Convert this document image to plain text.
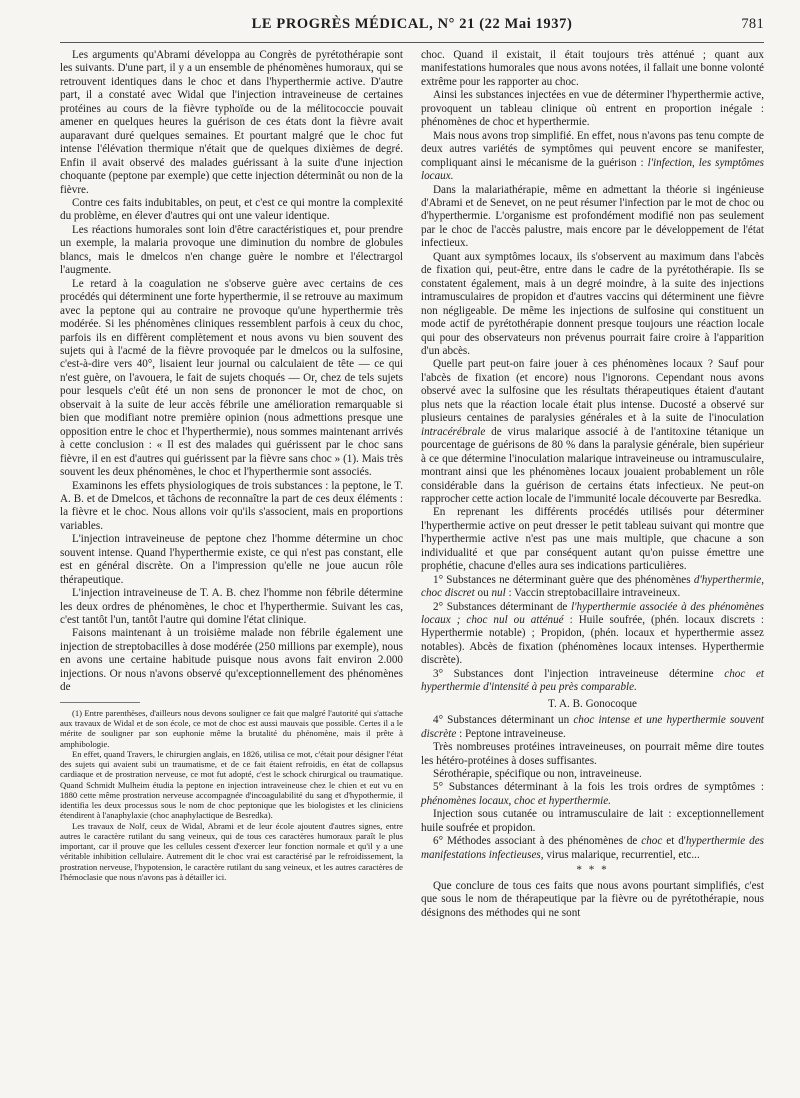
LE PROGRÈS MÉDICAL, N° 21 (22 Mai 1937)	781

Les arguments qu'Abrami développa au Congrès de pyrétothérapie sont les suivants. D'une part, il y a un ensemble de phénomènes humoraux, qui se retrouvent identiques dans le choc et dans l'hyperthermie active. D'autre part, il a constaté avec Widal que l'injection intraveineuse de certaines protéines au cours de la fièvre typhoïde ou de la mélitococcie pouvait amener en quelques heures la guérison de ces états dont la fièvre avait auparavant duré quelques semaines. Et pourtant malgré que le choc fut intense l'élévation thermique n'était que de quelques dixièmes de degré. Enfin il avait observé des malades guérissant à la suite d'une injection choquante (peptone par exemple) que cette injection déterminât ou non de la fièvre.

Contre ces faits indubitables, on peut, et c'est ce qui montre la complexité du problème, en élever d'autres qui ont une valeur identique.

Les réactions humorales sont loin d'être caractéristiques et, pour prendre un exemple, la malaria provoque une diminution du nombre de globules blancs, mais le dmelcos n'en change guère le nombre et l'électrargol l'augmente.

Le retard à la coagulation ne s'observe guère avec certains de ces procédés qui déterminent une forte hyperthermie, il se retrouve au maximum avec la peptone qui au contraire ne provoque qu'une hyperthermie très modérée. Si les phénomènes cliniques ressemblent parfois à ceux du choc, parfois ils en diffèrent complètement et nous avons vu bien souvent des sujets qui à l'acmé de la fièvre provoquée par le dmelcos ou la sulfosine, c'est-à-dire vers 40°, lisaient leur journal ou calculaient de tête — ce qui n'est guère, on l'avouera, le fait de sujets choqués — Or, chez de tels sujets pour lesquels c'eût été un non sens de prononcer le mot de choc, on observait à la suite de leur accès fébrile une amélioration remarquable si bien que modifiant notre première opinion (nous admettions presque une opposition entre le choc et l'hyperthermie), nous sommes maintenant arrivés à cette conclusion : « Il est des malades qui guérissent par le choc sans fièvre, il en est d'autres qui guérissent par la fièvre sans choc » (1). Mais très souvent les deux phénomènes, le choc et l'hyperthermie sont associés.

Examinons les effets physiologiques de trois substances : la peptone, le T. A. B. et de Dmelcos, et tâchons de reconnaître la part de ces deux éléments : la fièvre et le choc. Nous allons voir qu'ils s'associent, mais en proportions variables.

L'injection intraveineuse de peptone chez l'homme détermine un choc souvent intense. Quand l'hyperthermie existe, ce qui n'est pas constant, elle est en général discrète. On a l'impression qu'elle ne joue aucun rôle thérapeutique.

L'injection intraveineuse de T. A. B. chez l'homme non fébrile détermine les deux ordres de phénomènes, le choc et l'hyperthermie. Suivant les cas, c'est tantôt l'un, tantôt l'autre qui domine l'état clinique.

Faisons maintenant à un troisième malade non fébrile également une injection de streptobacilles à dose modérée (250 millions par exemple), nous en avons une certaine habitude puisque nous avons fait environ 2.000 injections. Or nous n'avons observé qu'exceptionnellement des phénomènes de

(1) Entre parenthèses, d'ailleurs nous devons souligner ce fait que malgré l'autorité qui s'attache aux travaux de Widal et de son école, ce mot de choc est aussi mauvais que possible. Certes il a le mérite de souligner par son euphonie même la brutalité du phénomène, mais il prête à amphibologie.

En effet, quand Travers, le chirurgien anglais, en 1826, utilisa ce mot, c'était pour désigner l'état des sujets qui avaient subi un traumatisme, et de ce fait étaient refroidis, en état de collapsus cardiaque et de prostration nerveuse, ce mot fut adopté, c'est le schock chirurgical ou traumatique. Quand Schmidt Mulheim étudia la peptone en injection intraveineuse chez le chien et eut vu en 1880 cette même prostration nerveuse accompagnée d'incoagulabilité du sang et d'hypothermie, il identifia les deux processus sous le nom de choc peptonique que les biologistes et les cliniciens étendirent à l'anaphylaxie (choc anaphylactique de Besredka).

Les travaux de Nolf, ceux de Widal, Abrami et de leur école ajoutent d'autres signes, entre autres le caractère rutilant du sang veineux, qui de tous ces caractères humoraux paraît le plus important, car il prouve que les cellules cessent d'exercer leur fonction normale et qu'il y a une véritable inhibition cellulaire. Autrement dit le choc vrai est caractérisé par le refroidissement, la prostration nerveuse, l'hypotension, le caractère rutilant du sang veineux, et les autres caractères de l'hémoclasie que nous n'avons pas à détailler ici.

choc. Quand il existait, il était toujours très atténué ; quant aux manifestations humorales que nous avons notées, il fallait une bonne volonté extrême pour les rapporter au choc.

Ainsi les substances injectées en vue de déterminer l'hyperthermie active, provoquent un tableau clinique où entrent en proportion inégale : phénomènes de choc et hyperthermie.

Mais nous avons trop simplifié. En effet, nous n'avons pas tenu compte de deux autres variétés de symptômes qui peuvent encore se manifester, compliquant ainsi le mécanisme de la guérison : l'infection, les symptômes locaux.

Dans la malariathérapie, même en admettant la théorie si ingénieuse d'Abrami et de Senevet, on ne peut résumer l'infection par le mot de choc ou d'hyperthermie. L'organisme est profondément modifié non pas seulement par le choc de l'accès palustre, mais encore par le développement de l'état infectieux.

Quant aux symptômes locaux, ils s'observent au maximum dans l'abcès de fixation qui, peut-être, entre dans le cadre de la pyrétothérapie. Ils se constatent également, mais à un degré moindre, à la suite des injections intramusculaires de propidon et d'autres vaccins qui déterminent une fièvre non négligeable. De même les injections de sulfosine qui constituent un mode actif de pyrétothérapie donnent presque toujours une réaction locale qui pour des observateurs non prévenus pourrait faire croire à l'apparition d'un abcès.

Quelle part peut-on faire jouer à ces phénomènes locaux ? Sauf pour l'abcès de fixation (et encore) nous l'ignorons. Cependant nous avons observé avec la sulfosine que les résultats thérapeutiques étaient d'autant plus nets que la réaction locale était plus intense. Ducosté a observé sur plusieurs centaines de paralysies générales et à la suite de l'inoculation intracérébrale de virus malarique associé à de l'antitoxine tétanique un pourcentage de guérisons de 80 % dans la paralysie générale, bien supérieur à ce que détermine l'inoculation malarique intraveineuse ou intramusculaire, montrant ainsi que les phénomènes locaux jouaient probablement un rôle considérable dans la guérison de certains états infectieux. Ne peut-on rapprocher cette action locale de l'immunité locale découverte par Besredka.

En reprenant les différents procédés utilisés pour déterminer l'hyperthermie active on peut dresser le petit tableau suivant qui montre que l'hyperthermie active n'est pas une mais multiple, que chacune a son individualité et que par conséquent autant qu'on puisse émettre une prophétie, chacune d'elles aura ses indications particulières.

1° Substances ne déterminant guère que des phénomènes d'hyperthermie, choc discret ou nul : Vaccin streptobacillaire intraveineux.

2° Substances déterminant de l'hyperthermie associée à des phénomènes locaux ; choc nul ou atténué : Huile soufrée, (phén. locaux discrets : Hyperthermie notable) ; Propidon, (phén. locaux et hyperthermie assez notables). Abcès de fixation (phénomènes locaux intenses. Hyperthermie discrète).

3° Substances dont l'injection intraveineuse détermine choc et hyperthermie d'intensité à peu près comparable.

T. A. B. Gonocoque

4° Substances déterminant un choc intense et une hyperthermie souvent discrète : Peptone intraveineuse.

Très nombreuses protéines intraveineuses, on pourrait même dire toutes les hétéro-protéines à doses suffisantes.

Sérothérapie, spécifique ou non, intraveineuse.

5° Substances déterminant à la fois les trois ordres de symptômes : phénomènes locaux, choc et hyperthermie.

Injection sous cutanée ou intramusculaire de lait : exceptionnellement huile soufrée et propidon.

6° Méthodes associant à des phénomènes de choc et d'hyperthermie des manifestations infectieuses, virus malarique, recurrentiel, etc...

* * *

Que conclure de tous ces faits que nous avons pourtant simplifiés, c'est que sous le nom de thérapeutique par la fièvre ou de pyrétothérapie, nous désignons des méthodes qui ne sont
